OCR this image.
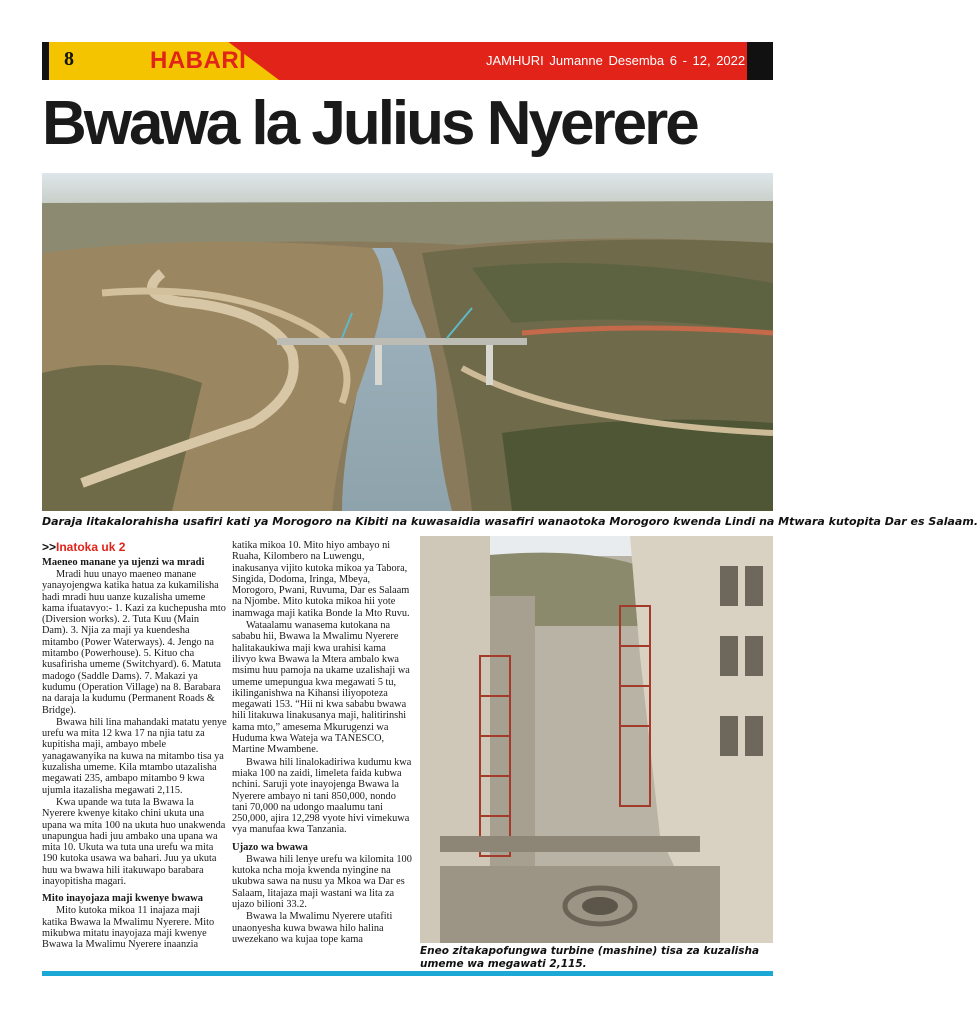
8	HABARI	JAMHURI Jumanne Desemba 6 - 12, 2022
Bwawa la Julius Nyerere
Daraja litakalorahisha usafiri kati ya Morogoro na Kibiti na kuwasaidia wasafiri wanaotoka Morogoro kwenda Lindi na Mtwara kutopita Dar es Salaam.
>>Inatoka uk 2
Maeneo manane ya ujenzi wa mradi

Mradi huu unayo maeneo manane yanayojengwa katika hatua za kukamilisha hadi mradi huu uanze kuzalisha umeme kama ifuatavyo:- 1. Kazi za kuchepusha mto (Diversion works). 2. Tuta Kuu (Main Dam). 3. Njia za maji ya kuendesha mitambo (Power Waterways). 4. Jengo na mitambo (Powerhouse). 5. Kituo cha kusafirisha umeme (Switchyard). 6. Matuta madogo (Saddle Dams). 7. Makazi ya kudumu (Operation Village) na 8. Barabara na daraja la kudumu (Permanent Roads & Bridge).

Bwawa hili lina mahandaki matatu yenye urefu wa mita 12 kwa 17 na njia tatu za kupitisha maji, ambayo mbele yanagawanyika na kuwa na mitambo tisa ya kuzalisha umeme. Kila mtambo utazalisha megawati 235, ambapo mitambo 9 kwa ujumla itazalisha megawati 2,115.

Kwa upande wa tuta la Bwawa la Nyerere kwenye kitako chini ukuta una upana wa mita 100 na ukuta huo unakwenda unapungua hadi juu ambako una upana wa mita 10. Ukuta wa tuta una urefu wa mita 190 kutoka usawa wa bahari. Juu ya ukuta huu wa bwawa hili itakuwapo barabara inayopitisha magari.

Mito inayojaza maji kwenye bwawa

Mito kutoka mikoa 11 inajaza maji katika Bwawa la Mwalimu Nyerere. Mito mikubwa mitatu inayojaza maji kwenye Bwawa la Mwalimu Nyerere inaanzia

katika mikoa 10. Mito hiyo ambayo ni Ruaha, Kilombero na Luwengu, inakusanya vijito kutoka mikoa ya Tabora, Singida, Dodoma, Iringa, Mbeya, Morogoro, Pwani, Ruvuma, Dar es Salaam na Njombe. Mito kutoka mikoa hii yote inamwaga maji katika Bonde la Mto Ruvu.

Wataalamu wanasema kutokana na sababu hii, Bwawa la Mwalimu Nyerere halitakaukiwa maji kwa urahisi kama ilivyo kwa Bwawa la Mtera ambalo kwa msimu huu pamoja na ukame uzalishaji wa umeme umepungua kwa megawati 5 tu, ikilinganishwa na Kihansi iliyopoteza megawati 153. “Hii ni kwa sababu bwawa hili litakuwa linakusanya maji, halitirinshi kama mto,” amesema Mkurugenzi wa Huduma kwa Wateja wa TANESCO, Martine Mwambene.

Bwawa hili linalokadiriwa kudumu kwa miaka 100 na zaidi, limeleta faida kubwa nchini. Saruji yote inayojenga Bwawa la Nyerere ambayo ni tani 850,000, nondo tani 70,000 na udongo maalumu tani 250,000, ajira 12,298 vyote hivi vimekuwa vya manufaa kwa Tanzania.

Ujazo wa bwawa

Bwawa hili lenye urefu wa kilomita 100 kutoka ncha moja kwenda nyingine na ukubwa sawa na nusu ya Mkoa wa Dar es Salaam, litajaza maji wastani wa lita za ujazo bilioni 33.2.

Bwawa la Mwalimu Nyerere utafiti unaonyesha kuwa bwawa hilo halina uwezekano wa kujaa tope kama

Eneo zitakapofungwa turbine (mashine) tisa za kuzalisha umeme wa megawati 2,115.
